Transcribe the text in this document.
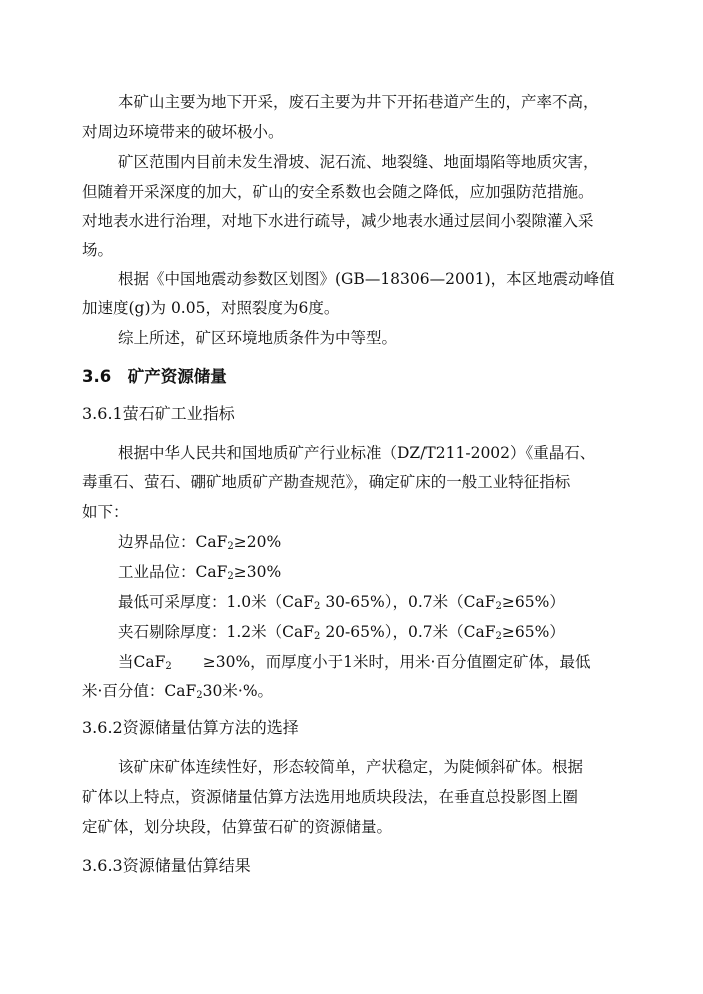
本矿山主要为地下开采，废石主要为井下开拓巷道产生的，产率不高，
对周边环境带来的破坏极小。
矿区范围内目前未发生滑坡、泥石流、地裂缝、地面塌陷等地质灾害，
但随着开采深度的加大，矿山的安全系数也会随之降低，应加强防范措施。
对地表水进行治理，对地下水进行疏导，减少地表水通过层间小裂隙灌入采
场。
根据《中国地震动参数区划图》(GB—18306—2001)，本区地震动峰值
加速度(g)为 0.05，对照裂度为6度。
综上所述，矿区环境地质条件为中等型。
3.6　矿产资源储量
3.6.1萤石矿工业指标
根据中华人民共和国地质矿产行业标准（DZ/T211-2002）《重晶石、
毒重石、萤石、硼矿地质矿产勘查规范》，确定矿床的一般工业特征指标
如下：
边界品位：CaF$_2$≥20%
工业品位：CaF$_2$≥30%
最低可采厚度：1.0米（CaF$_2$ 30-65%），0.7米（CaF$_2$≥65%）
夹石剔除厚度：1.2米（CaF$_2$ 20-65%），0.7米（CaF$_2$≥65%）
当CaF$_2$　　≥30%，而厚度小于1米时，用米·百分值圈定矿体，最低
米·百分值：CaF$_2$30米·%。
3.6.2资源储量估算方法的选择
该矿床矿体连续性好，形态较简单，产状稳定，为陡倾斜矿体。根据
矿体以上特点，资源储量估算方法选用地质块段法，在垂直总投影图上圈
定矿体，划分块段，估算萤石矿的资源储量。
3.6.3资源储量估算结果
